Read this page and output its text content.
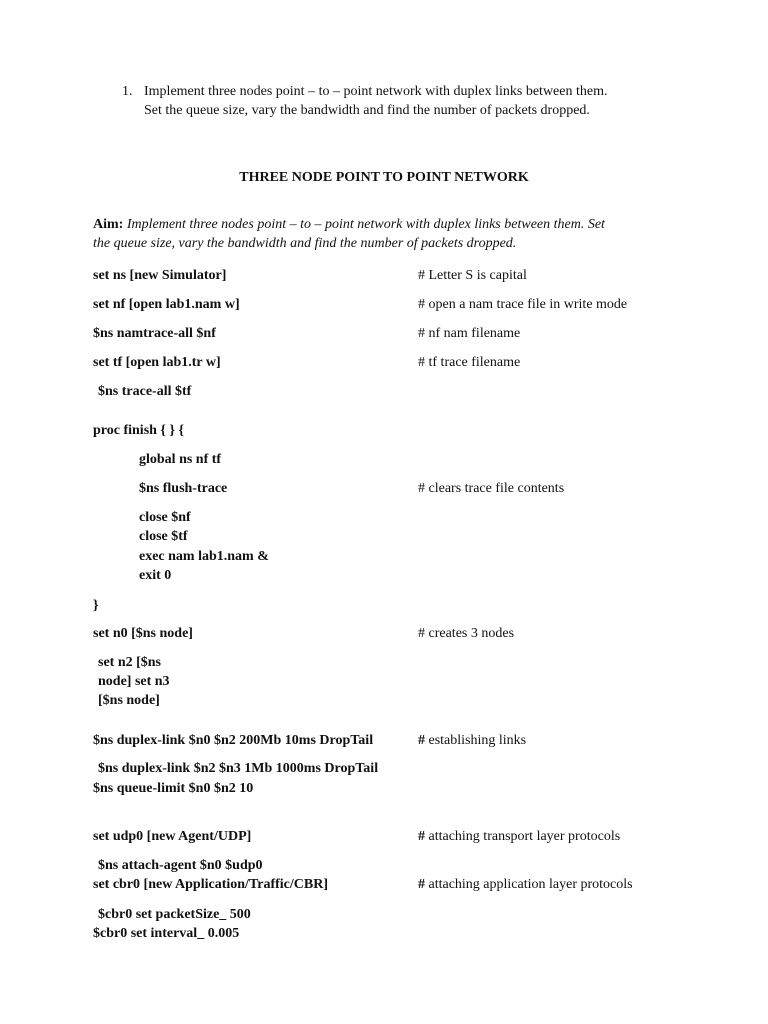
1. Implement three nodes point – to – point network with duplex links between them.
Set the queue size, vary the bandwidth and find the number of packets dropped.
THREE NODE POINT TO POINT NETWORK
Aim: Implement three nodes point – to – point network with duplex links between them. Set
the queue size, vary the bandwidth and find the number of packets dropped.
set ns [new Simulator]	# Letter S is capital
set nf [open lab1.nam w]	# open a nam trace file in write mode
$ns namtrace-all $nf	# nf nam filename
set tf [open lab1.tr w]	# tf trace filename
$ns trace-all $tf
proc finish { } {
global ns nf tf
$ns flush-trace	# clears trace file contents
close $nf
close $tf
exec nam lab1.nam &
exit 0
}
set n0 [$ns node]	# creates 3 nodes
set n2 [$ns
node] set n3
[$ns node]
$ns duplex-link $n0 $n2 200Mb 10ms DropTail	# establishing links
$ns duplex-link $n2 $n3 1Mb 1000ms DropTail
$ns queue-limit $n0 $n2 10
set udp0 [new Agent/UDP]	# attaching transport layer protocols
$ns attach-agent $n0 $udp0
set cbr0 [new Application/Traffic/CBR]	# attaching application layer protocols
$cbr0 set packetSize_ 500
$cbr0 set interval_ 0.005
